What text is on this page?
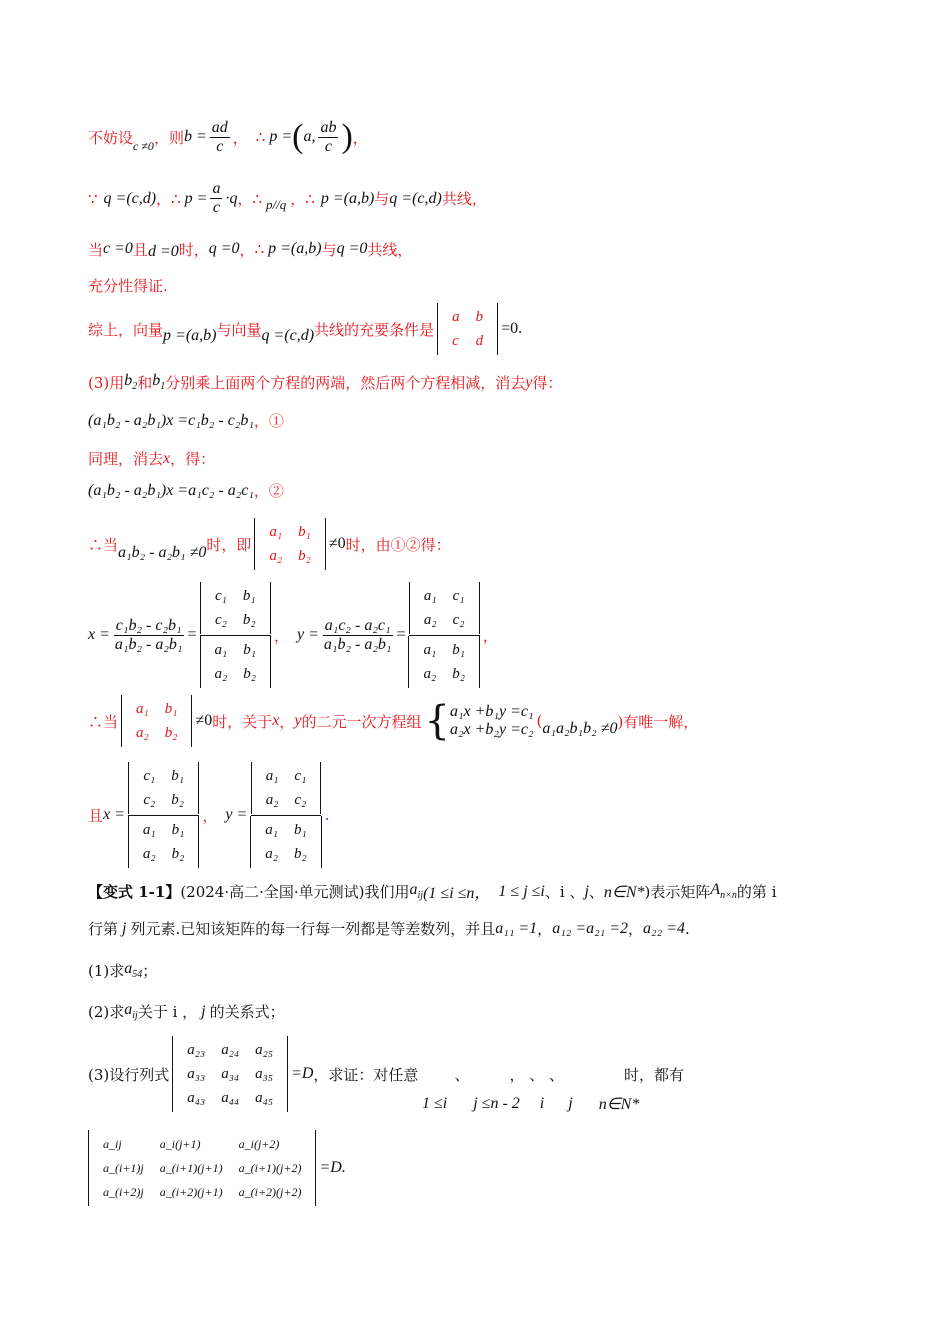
不妨设 c ≠0 ，则 $b = \frac{ad}{c}$ ， ∴ p = ( a, $\frac{ab}{c}$ ) ，
∵ q =(c,d) ， ∴ $p = \frac{a}{c} \cdot q$ ， ∴ p//q ， ∴ p =(a,b) 与 q =(c,d) 共线，
当 c =0 且 d =0 时， q =0 ， ∴ p =(a,b) 与 q =0 共线，
充分性得证.
综上，向量 p =(a,b) 与向量 q =(c,d) 共线的充要条件是
a	b
c	d
=0.
(3)用 $b_2$ 和 $b_1$ 分别乘上面两个方程的两端，然后两个方程相减，消去 y 得：
(a₁b₂ - a₂b₁)x =c₁b₂ - c₂b₁ ，①
同理，消去 x ，得：
(a₁b₂ - a₂b₁)x =a₁c₂ - a₂c₁ ，②
∴当 a₁b₂ - a₂b₁ ≠0 时，即
a₁	b₁
a₂	b₂
≠0 时，由①②得：
$x = \frac{\text{c₁b₂ - c₂b₁}}{\text{a₁b₂ - a₂b₁}} = c_1$	b₁
c₂	b₂
a₁	b₁
a₂	b₂ ， $y = \frac{\text{a₁c₂ - a₂c₁}}{\text{a₁b₂ - a₂b₁}} = a_1$	c₁
a₂	c₂
a₁	b₁
a₂	b₂ ，
∴当
a₁	b₁
a₂	b₂
≠0 时，关于 x ， y 的二元一次方程组 { a₁x +b₁y =c₁
a₂x +b₂y =c₂ ( a₁a₂b₁b₂ ≠0 )有唯一解，
且 x = c₁	b₁
c₂	b₂
a₁	b₁
a₂	b₂ ， y = a₁	c₁
a₂	c₂
a₁	b₁
a₂	b₂ .
【变式 1-1】 (2024·高二·全国·单元测试)我们用 $a_{ij}$ (1 ≤i ≤n， 1 ≤ j ≤i 、i 、 j 、 n∈N* )表示矩阵 $A_{n\times n}$ 的第 i
行第 j 列元素.已知该矩阵的每一行每一列都是等差数列，并且 a₁₁ =1 ， a₁₂ =a₂₁ =2 ， a₂₂ =4 .
(1)求 $a_{54}$ ；
(2)求 $a_{ij}$ 关于 i ， j 的关系式；
(3)设行列式
a₂₃	a₂₄	a₂₅
a₃₃	a₃₄	a₃₅
a₄₃	a₄₄	a₄₅
=D ，求证：对任意 、	， 、 、	时，都有
1 ≤i j ≤n - 2 i j n∈N*
a_ij	a_i(j+1)	a_i(j+2)
a_(i+1)j	a_(i+1)(j+1)	a_(i+1)(j+2)
a_(i+2)j	a_(i+2)(j+1)	a_(i+2)(j+2)
=D.
